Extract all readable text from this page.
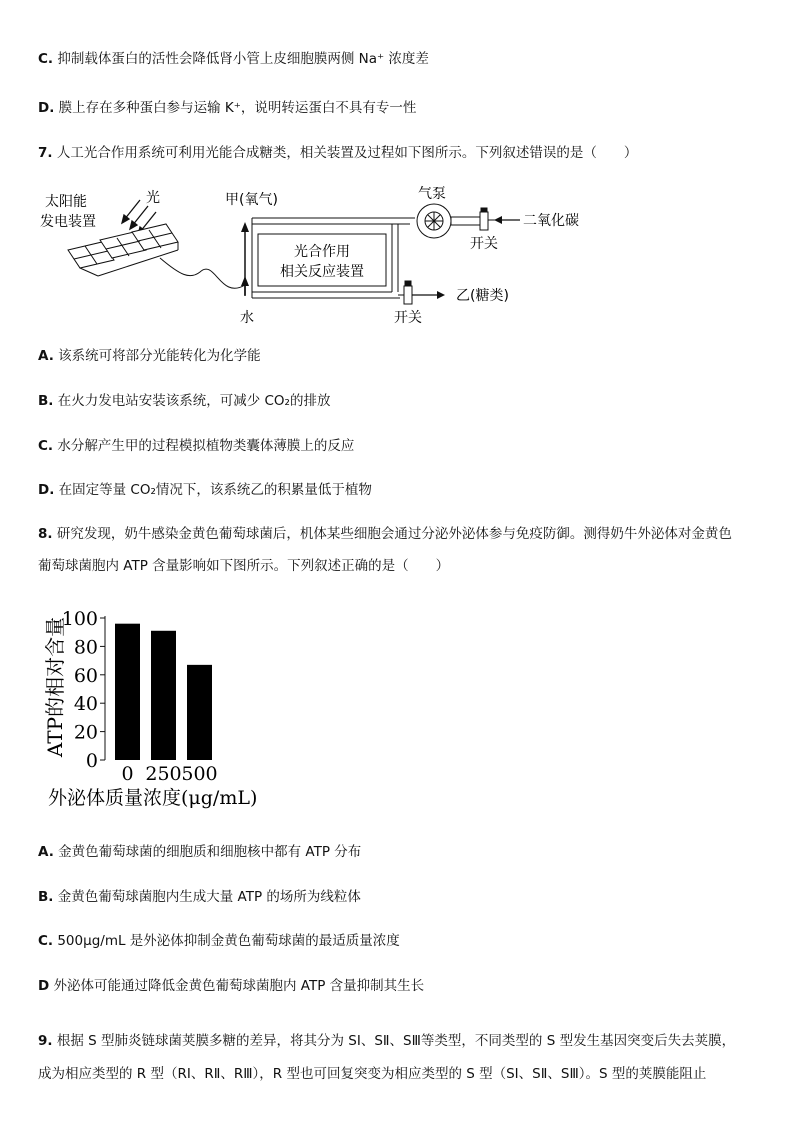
C. 抑制载体蛋白的活性会降低肾小管上皮细胞膜两侧 Na⁺ 浓度差
D. 膜上存在多种蛋白参与运输 K⁺，说明转运蛋白不具有专一性
7. 人工光合作用系统可利用光能合成糖类，相关装置及过程如下图所示。下列叙述错误的是（　　）
太阳能
发电装置
光	甲(氧气)
水
光合作用
相关反应装置
气泵
开关
二氧化碳
乙(糖类)
开关
A. 该系统可将部分光能转化为化学能
B. 在火力发电站安装该系统，可减少 CO₂的排放
C. 水分解产生甲的过程模拟植物类囊体薄膜上的反应
D. 在固定等量 CO₂情况下，该系统乙的积累量低于植物
8. 研究发现，奶牛感染金黄色葡萄球菌后，机体某些细胞会通过分泌外泌体参与免疫防御。测得奶牛外泌体对金黄色
葡萄球菌胞内 ATP 含量影响如下图所示。下列叙述正确的是（　　）
ATP的相对含量
0
20
40
60
80
100
0 250 500
外泌体质量浓度(μg/mL)
A. 金黄色葡萄球菌的细胞质和细胞核中都有 ATP 分布
B. 金黄色葡萄球菌胞内生成大量 ATP 的场所为线粒体
C. 500μg/mL 是外泌体抑制金黄色葡萄球菌的最适质量浓度
D 外泌体可能通过降低金黄色葡萄球菌胞内 ATP 含量抑制其生长
9. 根据 S 型肺炎链球菌荚膜多糖的差异，将其分为 SⅠ、SⅡ、SⅢ等类型，不同类型的 S 型发生基因突变后失去荚膜，
成为相应类型的 R 型（RⅠ、RⅡ、RⅢ），R 型也可回复突变为相应类型的 S 型（SⅠ、SⅡ、SⅢ）。S 型的荚膜能阻止
